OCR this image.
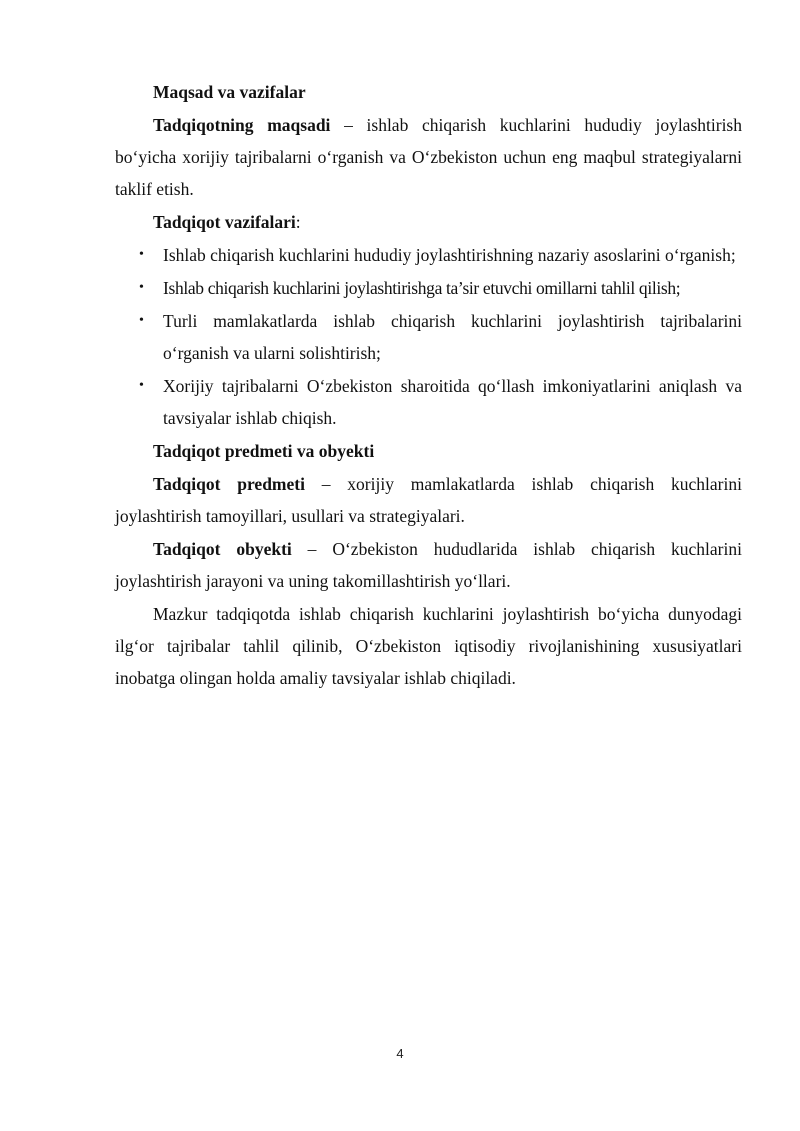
Maqsad va vazifalar

Tadqiqotning maqsadi – ishlab chiqarish kuchlarini hududiy joylashtirish bo‘yicha xorijiy tajribalarni o‘rganish va O‘zbekiston uchun eng maqbul strategiyalarni taklif etish.

Tadqiqot vazifalari:
• Ishlab chiqarish kuchlarini hududiy joylashtirishning nazariy asoslarini o‘rganish;
• Ishlab chiqarish kuchlarini joylashtirishga ta’sir etuvchi omillarni tahlil qilish;
• Turli mamlakatlarda ishlab chiqarish kuchlarini joylashtirish tajribalarini o‘rganish va ularni solishtirish;
• Xorijiy tajribalarni O‘zbekiston sharoitida qo‘llash imkoniyatlarini aniqlash va tavsiyalar ishlab chiqish.
Tadqiqot predmeti va obyekti

Tadqiqot predmeti – xorijiy mamlakatlarda ishlab chiqarish kuchlarini joylashtirish tamoyillari, usullari va strategiyalari.

Tadqiqot obyekti – O‘zbekiston hududlarida ishlab chiqarish kuchlarini joylashtirish jarayoni va uning takomillashtirish yo‘llari.

Mazkur tadqiqotda ishlab chiqarish kuchlarini joylashtirish bo‘yicha dunyodagi ilg‘or tajribalar tahlil qilinib, O‘zbekiston iqtisodiy rivojlanishining xususiyatlari inobatga olingan holda amaliy tavsiyalar ishlab chiqiladi.

4
